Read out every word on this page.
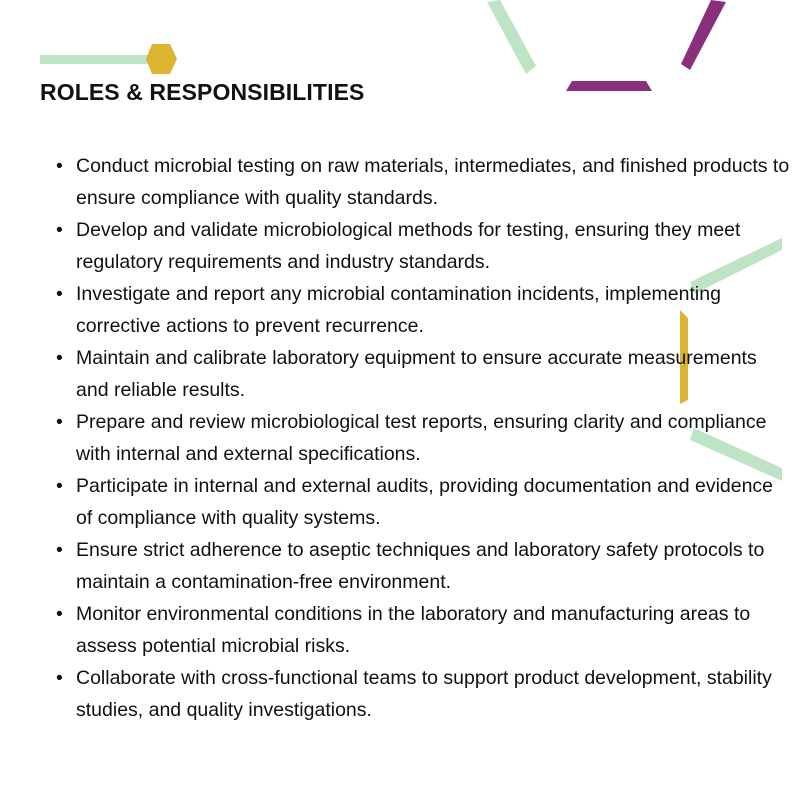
ROLES & RESPONSIBILITIES
• Conduct microbial testing on raw materials, intermediates, and finished products to ensure compliance with quality standards.
• Develop and validate microbiological methods for testing, ensuring they meet regulatory requirements and industry standards.
• Investigate and report any microbial contamination incidents, implementing corrective actions to prevent recurrence.
• Maintain and calibrate laboratory equipment to ensure accurate measurements and reliable results.
• Prepare and review microbiological test reports, ensuring clarity and compliance with internal and external specifications.
• Participate in internal and external audits, providing documentation and evidence of compliance with quality systems.
• Ensure strict adherence to aseptic techniques and laboratory safety protocols to maintain a contamination-free environment.
• Monitor environmental conditions in the laboratory and manufacturing areas to assess potential microbial risks.
• Collaborate with cross-functional teams to support product development, stability studies, and quality investigations.
